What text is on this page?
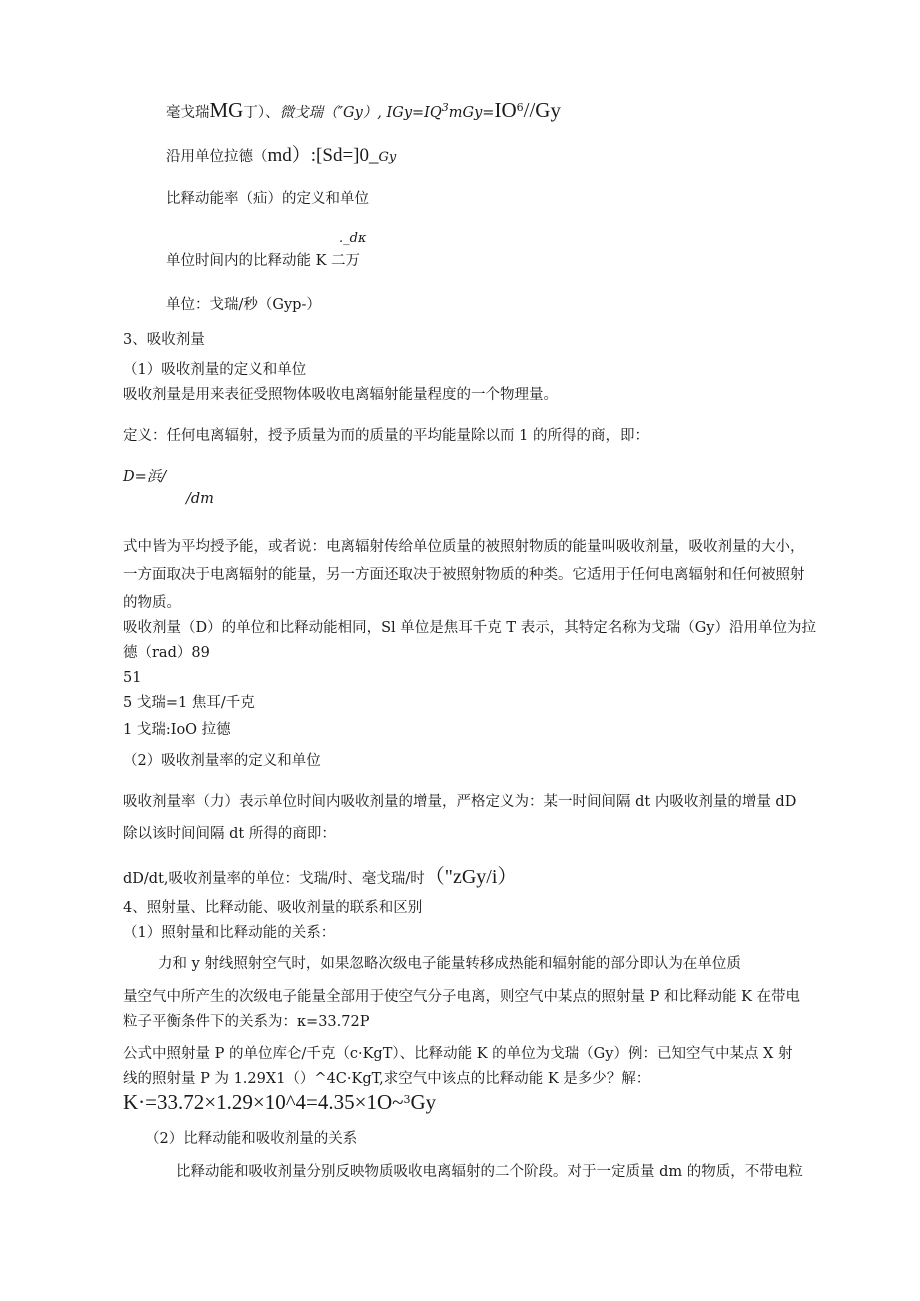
毫戈瑞MG丁）、微戈瑞（″Gy）, $IGy=IQ^3mGy=IO^6//Gy$
沿用单位拉德（md）:[Sd=]0_Gy
比释动能率（疝）的定义和单位
._dκ
单位时间内的比释动能 K 二万
单位：戈瑞/秒（Gyp-）
3、吸收剂量
（1）吸收剂量的定义和单位
吸收剂量是用来表征受照物体吸收电离辐射能量程度的一个物理量。
定义：任何电离辐射，授予质量为而的质量的平均能量除以而 1 的所得的商，即：
D=浜/
/dm
式中皆为平均授予能，或者说：电离辐射传给单位质量的被照射物质的能量叫吸收剂量，吸收剂量的大小，
一方面取决于电离辐射的能量，另一方面还取决于被照射物质的种类。它适用于任何电离辐射和任何被照射
的物质。
吸收剂量（D）的单位和比释动能相同，Sl 单位是焦耳千克 T 表示，其特定名称为戈瑞（Gy）沿用单位为拉
德（rad）89
51
5 戈瑞=1 焦耳/千克
1 戈瑞:IoO 拉德
（2）吸收剂量率的定义和单位
吸收剂量率（力）表示单位时间内吸收剂量的增量，严格定义为：某一时间间隔 dt 内吸收剂量的增量 dD
除以该时间间隔 dt 所得的商即：
dD/dt,吸收剂量率的单位：戈瑞/时、毫戈瑞/时（"zGy/i）
4、照射量、比释动能、吸收剂量的联系和区别
（1）照射量和比释动能的关系：
力和 y 射线照射空气时，如果忽略次级电子能量转移成热能和辐射能的部分即认为在单位质
量空气中所产生的次级电子能量全部用于使空气分子电离，则空气中某点的照射量 P 和比释动能 K 在带电
粒子平衡条件下的关系为：κ=33.72P
公式中照射量 P 的单位库仑/千克（c·KgT）、比释动能 K 的单位为戈瑞（Gy）例：已知空气中某点 X 射
线的照射量 P 为 1.29X1（）^4C·KgT,求空气中该点的比释动能 K 是多少？解：
K·=33.72×1.29×10^4=4.35×1O~$^3$Gy
（2）比释动能和吸收剂量的关系
比释动能和吸收剂量分别反映物质吸收电离辐射的二个阶段。对于一定质量 dm 的物质，不带电粒
